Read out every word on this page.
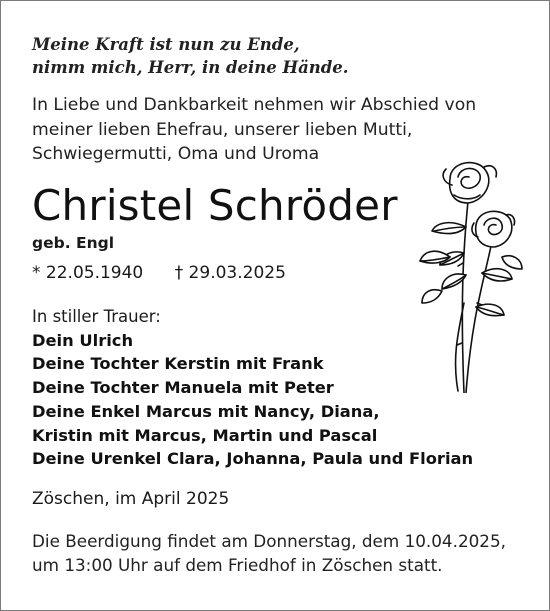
Meine Kraft ist nun zu Ende,
nimm mich, Herr, in deine Hände.
In Liebe und Dankbarkeit nehmen wir Abschied von
meiner lieben Ehefrau, unserer lieben Mutti,
Schwiegermutti, Oma und Uroma
Christel Schröder
geb. Engl
* 22.05.1940 † 29.03.2025
In stiller Trauer:
Dein Ulrich
Deine Tochter Kerstin mit Frank
Deine Tochter Manuela mit Peter
Deine Enkel Marcus mit Nancy, Diana,
Kristin mit Marcus, Martin und Pascal
Deine Urenkel Clara, Johanna, Paula und Florian
Zöschen, im April 2025
Die Beerdigung findet am Donnerstag, dem 10.04.2025,
um 13:00 Uhr auf dem Friedhof in Zöschen statt.
